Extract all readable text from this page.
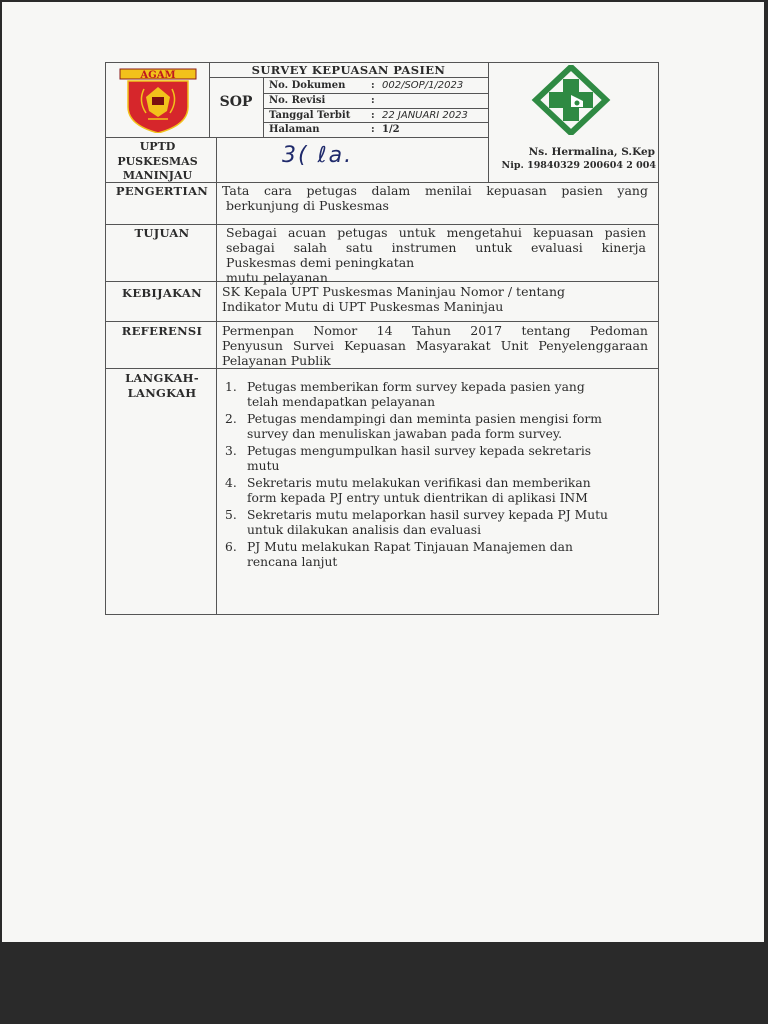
AGAM	SURVEY KEPUASAN PASIEN
SOP
No. Dokumen	: 002/SOP/1/2023
No. Revisi	:
Tanggal Terbit : 22 JANUARI 2023
Halaman	: 1/2
UPTD
PUSKESMAS
MANINJAU
3( ℓa.	Ns. Hermalina, S.Kep
Nip. 19840329 200604 2 004
PENGERTIAN	Tata cara petugas dalam menilai kepuasan pasien yang
berkunjung di Puskesmas
TUJUAN	Sebagai acuan petugas untuk mengetahui kepuasan pasien
sebagai salah satu instrumen untuk evaluasi kinerja
Puskesmas demi peningkatan
mutu pelayanan
KEBIJAKAN	SK Kepala UPT Puskesmas Maninjau Nomor / tentang
Indikator Mutu di UPT Puskesmas Maninjau
REFERENSI	Permenpan Nomor 14 Tahun 2017 tentang Pedoman
Penyusun Survei Kepuasan Masyarakat Unit Penyelenggaraan
Pelayanan Publik
LANGKAH-
LANGKAH	1. Petugas memberikan form survey kepada pasien yang
telah mendapatkan pelayanan
2. Petugas mendampingi dan meminta pasien mengisi form
survey dan menuliskan jawaban pada form survey.
3. Petugas mengumpulkan hasil survey kepada sekretaris
mutu
4. Sekretaris mutu melakukan verifikasi dan memberikan
form kepada PJ entry untuk dientrikan di aplikasi INM
5. Sekretaris mutu melaporkan hasil survey kepada PJ Mutu
untuk dilakukan analisis dan evaluasi
6. PJ Mutu melakukan Rapat Tinjauan Manajemen dan
rencana lanjut
